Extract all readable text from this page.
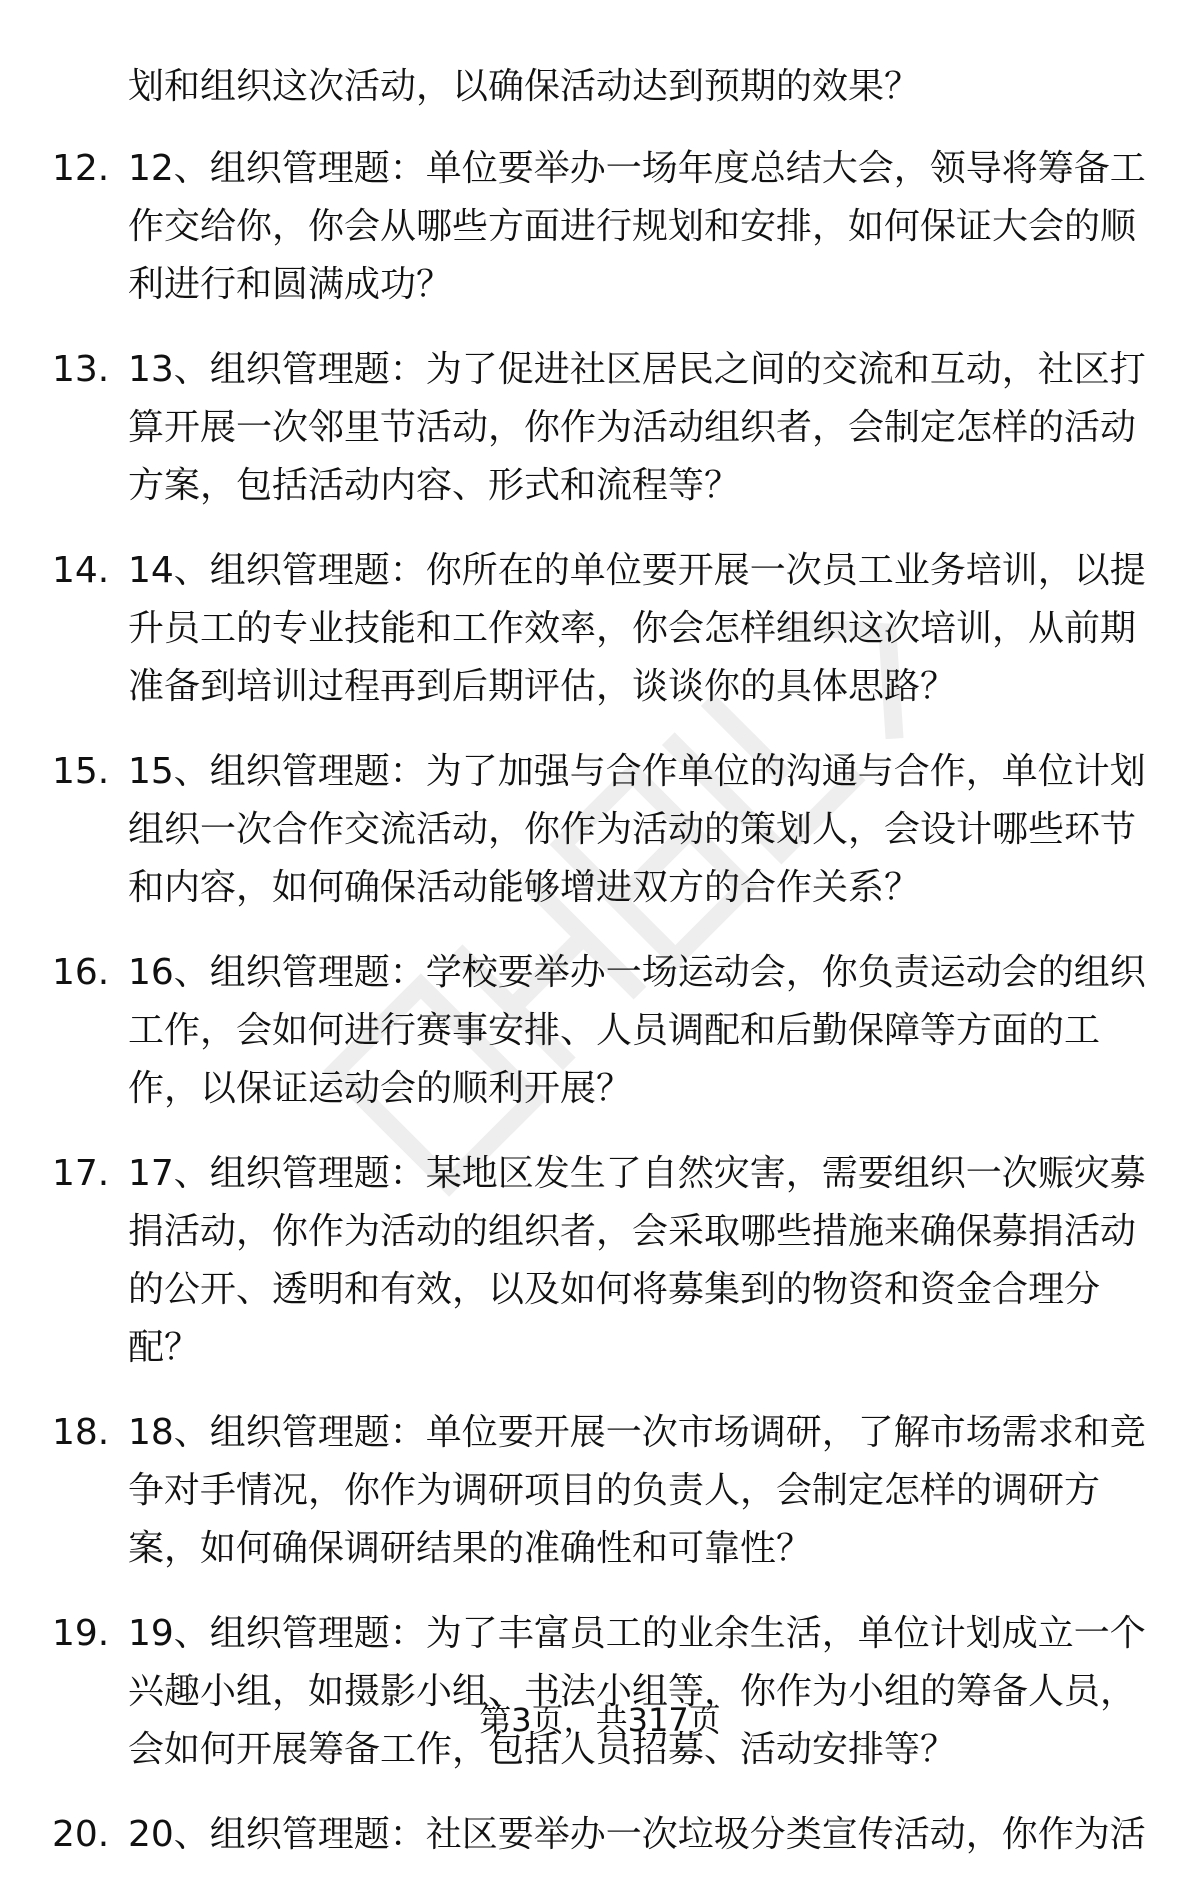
划和组织这次活动，以确保活动达到预期的效果？
12. 12、组织管理题：单位要举办一场年度总结大会，领导将筹备工
作交给你，你会从哪些方面进行规划和安排，如何保证大会的顺
利进行和圆满成功？
13. 13、组织管理题：为了促进社区居民之间的交流和互动，社区打
算开展一次邻里节活动，你作为活动组织者，会制定怎样的活动
方案，包括活动内容、形式和流程等？
14. 14、组织管理题：你所在的单位要开展一次员工业务培训，以提
升员工的专业技能和工作效率，你会怎样组织这次培训，从前期
准备到培训过程再到后期评估，谈谈你的具体思路？
15. 15、组织管理题：为了加强与合作单位的沟通与合作，单位计划
组织一次合作交流活动，你作为活动的策划人，会设计哪些环节
和内容，如何确保活动能够增进双方的合作关系？
16. 16、组织管理题：学校要举办一场运动会，你负责运动会的组织
工作，会如何进行赛事安排、人员调配和后勤保障等方面的工
作，以保证运动会的顺利开展？
17. 17、组织管理题：某地区发生了自然灾害，需要组织一次赈灾募
捐活动，你作为活动的组织者，会采取哪些措施来确保募捐活动
的公开、透明和有效，以及如何将募集到的物资和资金合理分
配？
18. 18、组织管理题：单位要开展一次市场调研，了解市场需求和竞
争对手情况，你作为调研项目的负责人，会制定怎样的调研方
案，如何确保调研结果的准确性和可靠性？
19. 19、组织管理题：为了丰富员工的业余生活，单位计划成立一个
兴趣小组，如摄影小组、书法小组等，你作为小组的筹备人员，
会如何开展筹备工作，包括人员招募、活动安排等？
20. 20、组织管理题：社区要举办一次垃圾分类宣传活动，你作为活
第3页，共317页
